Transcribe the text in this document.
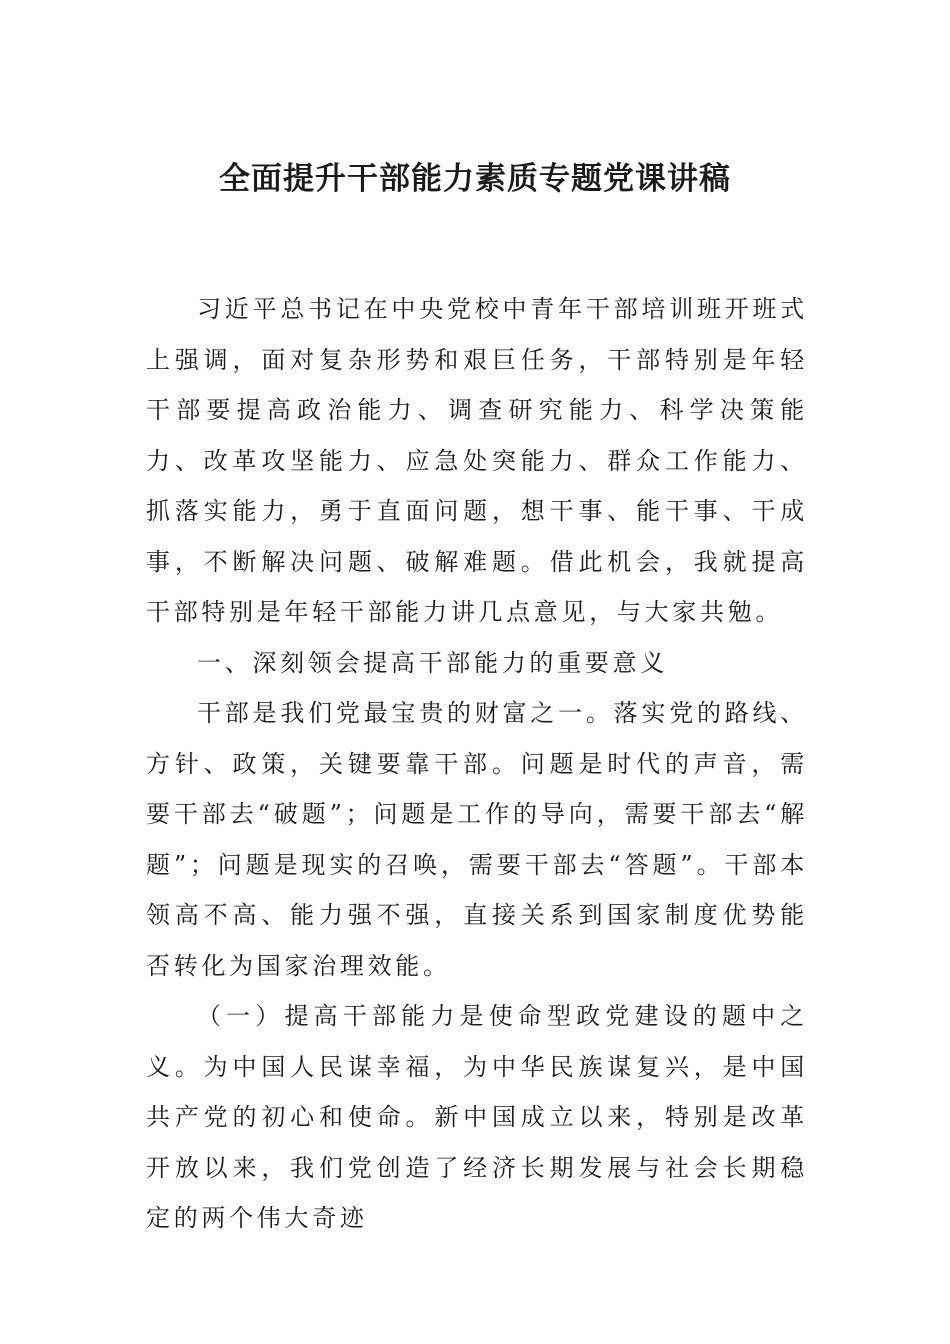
全面提升干部能力素质专题党课讲稿

习近平总书记在中央党校中青年干部培训班开班式上强调，面对复杂形势和艰巨任务，干部特别是年轻干部要提高政治能力、调查研究能力、科学决策能力、改革攻坚能力、应急处突能力、群众工作能力、抓落实能力，勇于直面问题，想干事、能干事、干成事，不断解决问题、破解难题。借此机会，我就提高干部特别是年轻干部能力讲几点意见，与大家共勉。

一、深刻领会提高干部能力的重要意义

干部是我们党最宝贵的财富之一。落实党的路线、方针、政策，关键要靠干部。问题是时代的声音，需要干部去“破题”；问题是工作的导向，需要干部去“解题”；问题是现实的召唤，需要干部去“答题”。干部本领高不高、能力强不强，直接关系到国家制度优势能否转化为国家治理效能。

（一）提高干部能力是使命型政党建设的题中之义。为中国人民谋幸福，为中华民族谋复兴，是中国共产党的初心和使命。新中国成立以来，特别是改革开放以来，我们党创造了经济长期发展与社会长期稳定的两个伟大奇迹
